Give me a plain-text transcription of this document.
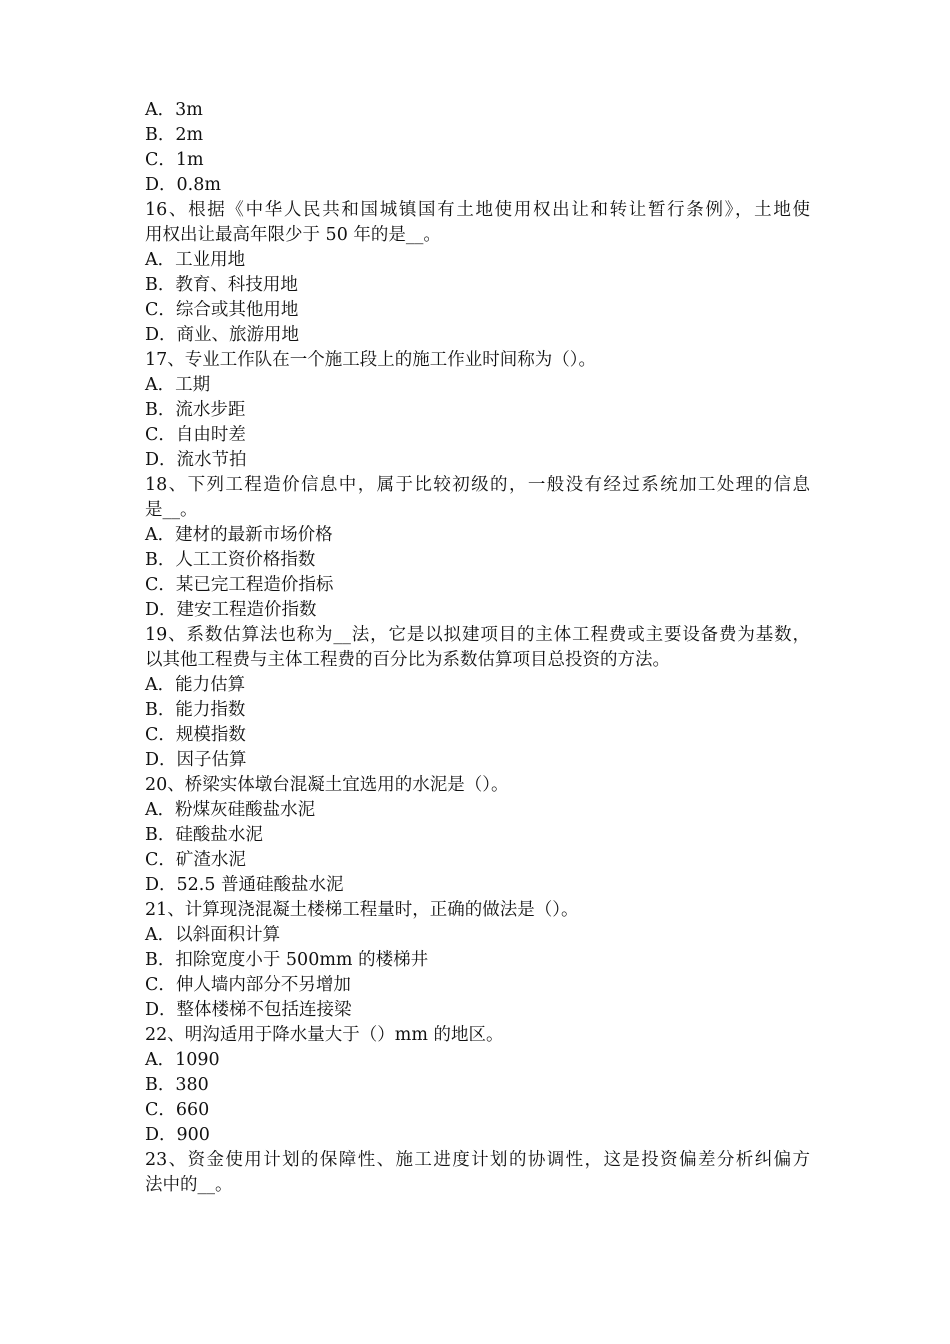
A．3m
B．2m
C．1m
D．0.8m
16、根据《中华人民共和国城镇国有土地使用权出让和转让暂行条例》，土地使
用权出让最高年限少于 50 年的是__。
A．工业用地
B．教育、科技用地
C．综合或其他用地
D．商业、旅游用地
17、专业工作队在一个施工段上的施工作业时间称为（）。
A．工期
B．流水步距
C．自由时差
D．流水节拍
18、下列工程造价信息中，属于比较初级的，一般没有经过系统加工处理的信息
是__。
A．建材的最新市场价格
B．人工工资价格指数
C．某已完工程造价指标
D．建安工程造价指数
19、系数估算法也称为__法，它是以拟建项目的主体工程费或主要设备费为基数，
以其他工程费与主体工程费的百分比为系数估算项目总投资的方法。
A．能力估算
B．能力指数
C．规模指数
D．因子估算
20、桥梁实体墩台混凝土宜选用的水泥是（）。
A．粉煤灰硅酸盐水泥
B．硅酸盐水泥
C．矿渣水泥
D．52.5 普通硅酸盐水泥
21、计算现浇混凝土楼梯工程量时，正确的做法是（）。
A．以斜面积计算
B．扣除宽度小于 500mm 的楼梯井
C．伸人墙内部分不另增加
D．整体楼梯不包括连接梁
22、明沟适用于降水量大于（）mm 的地区。
A．1090
B．380
C．660
D．900
23、资金使用计划的保障性、施工进度计划的协调性，这是投资偏差分析纠偏方
法中的__。
